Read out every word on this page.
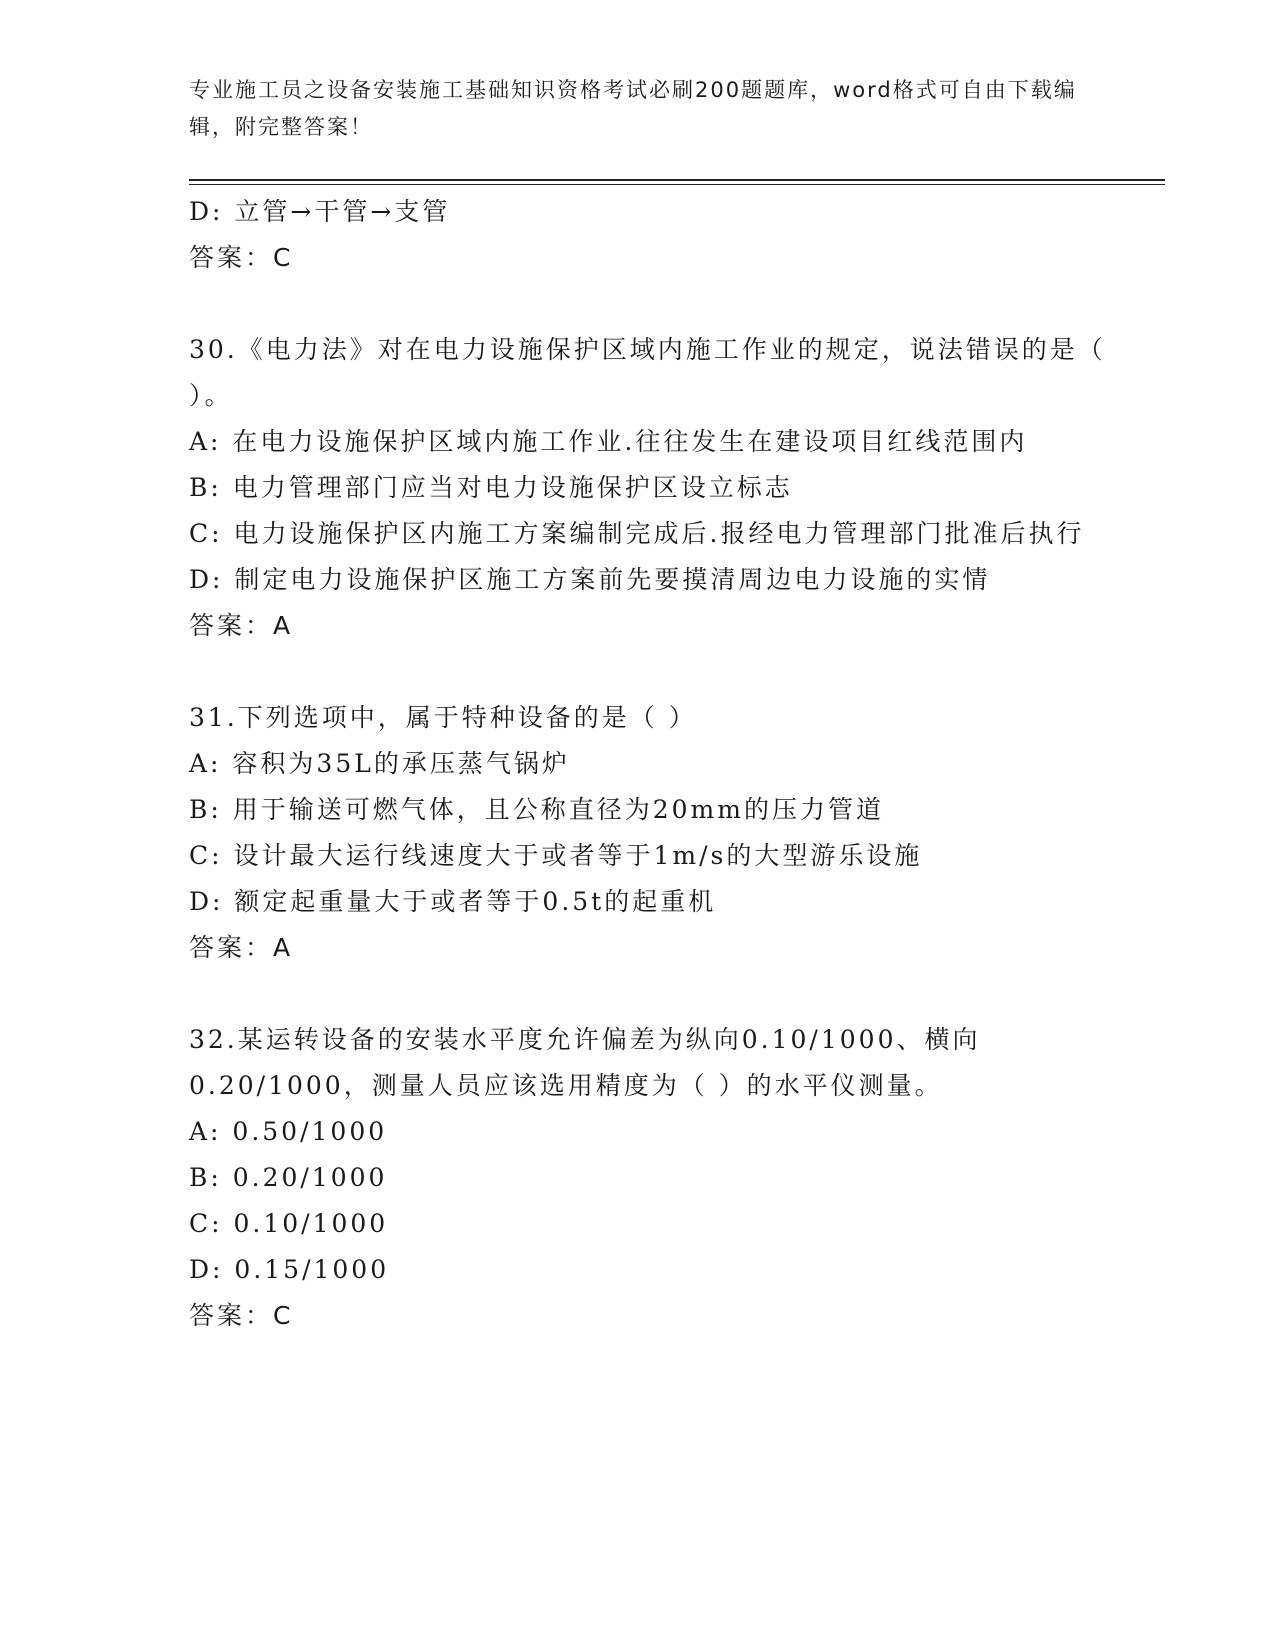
专业施工员之设备安装施工基础知识资格考试必刷200题题库，word格式可自由下载编辑，附完整答案！

D: 立管→干管→支管

答案：C

30.《电力法》对在电力设施保护区域内施工作业的规定，说法错误的是（ ）。

A: 在电力设施保护区域内施工作业.往往发生在建设项目红线范围内

B: 电力管理部门应当对电力设施保护区设立标志

C: 电力设施保护区内施工方案编制完成后.报经电力管理部门批准后执行

D: 制定电力设施保护区施工方案前先要摸清周边电力设施的实情

答案：A

31.下列选项中，属于特种设备的是（ ）

A: 容积为35L的承压蒸气锅炉

B: 用于输送可燃气体，且公称直径为20mm的压力管道

C: 设计最大运行线速度大于或者等于1m/s的大型游乐设施

D: 额定起重量大于或者等于0.5t的起重机

答案：A

32.某运转设备的安装水平度允许偏差为纵向0.10/1000、横向0.20/1000，测量人员应该选用精度为（ ）的水平仪测量。

A: 0.50/1000

B: 0.20/1000

C: 0.10/1000

D: 0.15/1000

答案：C
